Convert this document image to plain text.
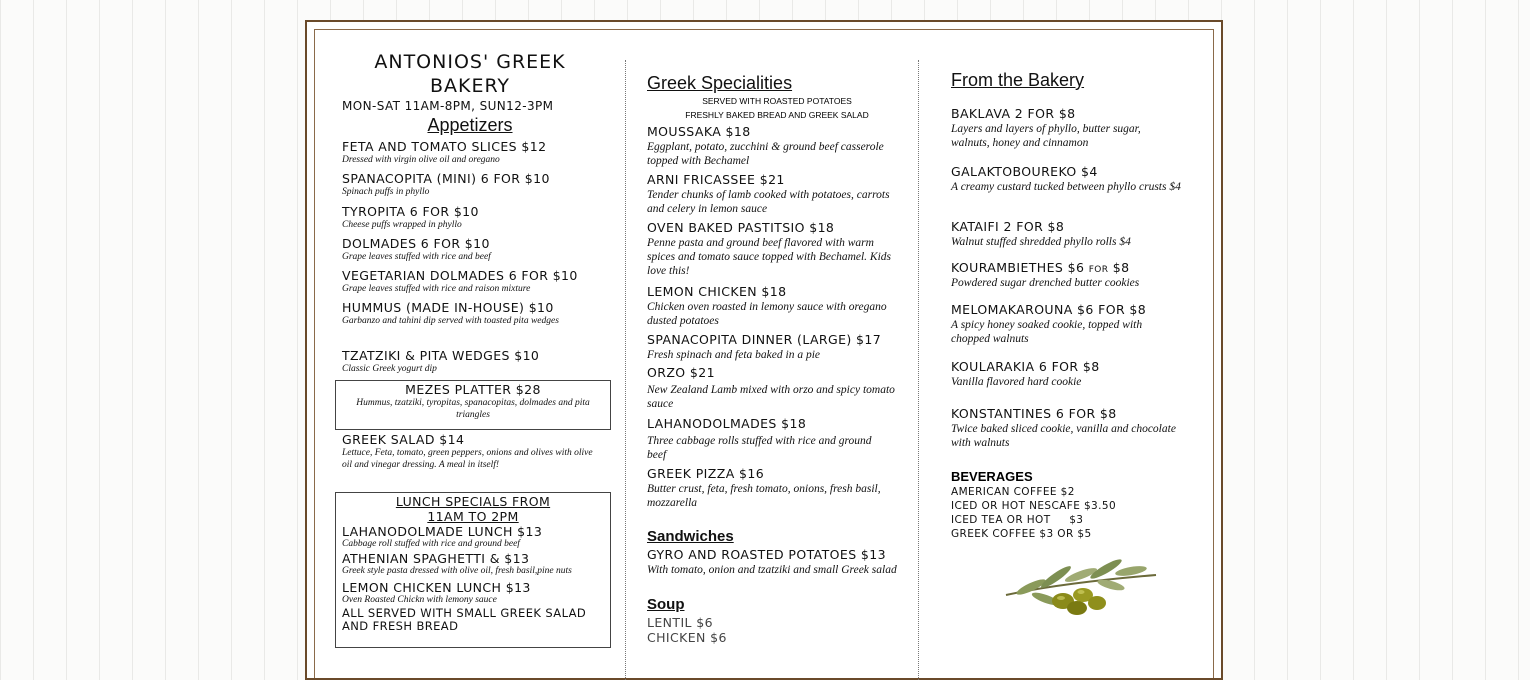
ANTONIOS' GREEK
BAKERY
MON-SAT 11AM-8PM, SUN12-3PM
Appetizers
FETA AND TOMATO SLICES $12
Dressed with virgin olive oil and oregano
SPANACOPITA (MINI) 6 FOR $10
Spinach puffs in phyllo
TYROPITA 6 FOR $10
Cheese puffs wrapped in phyllo
DOLMADES 6 FOR $10
Grape leaves stuffed with rice and beef
VEGETARIAN DOLMADES 6 FOR $10
Grape leaves stuffed with rice and raison mixture
HUMMUS (MADE IN-HOUSE) $10
Garbanzo and tahini dip served with toasted pita wedges
TZATZIKI & PITA WEDGES $10
Classic Greek yogurt dip
MEZES PLATTER $28
Hummus, tzatziki, tyropitas, spanacopitas, dolmades and pita triangles
GREEK SALAD $14
Lettuce, Feta, tomato, green peppers, onions and olives with olive oil and vinegar dressing. A meal in itself!
LUNCH SPECIALS FROM
11AM TO 2PM
LAHANODOLMADE LUNCH $13
Cabbage roll stuffed with rice and ground beef
ATHENIAN SPAGHETTI & $13
Greek style pasta dressed with olive oil, fresh basil,pine nuts
LEMON CHICKEN LUNCH $13
Oven Roasted Chickn with lemony sauce
ALL SERVED WITH SMALL GREEK SALAD AND FRESH BREAD
Greek Specialities
SERVED WITH ROASTED POTATOES
FRESHLY BAKED BREAD AND GREEK SALAD
MOUSSAKA $18
Eggplant, potato, zucchini & ground beef casserole topped with Bechamel
ARNI FRICASSEE $21
Tender chunks of lamb cooked with potatoes, carrots and celery in lemon sauce
OVEN BAKED PASTITSIO $18
Penne pasta and ground beef flavored with warm spices and tomato sauce topped with Bechamel. Kids love this!
LEMON CHICKEN $18
Chicken oven roasted in lemony sauce with oregano dusted potatoes
SPANACOPITA DINNER (LARGE) $17
Fresh spinach and feta baked in a pie
ORZO $21
New Zealand Lamb mixed with orzo and spicy tomato sauce
LAHANODOLMADES $18
Three cabbage rolls stuffed with rice and ground beef
GREEK PIZZA $16
Butter crust, feta, fresh tomato, onions, fresh basil, mozzarella
Sandwiches
GYRO AND ROASTED POTATOES $13
With tomato, onion and tzatziki and small Greek salad
Soup
LENTIL $6
CHICKEN $6
From the Bakery
BAKLAVA 2 FOR $8
Layers and layers of phyllo, butter sugar, walnuts, honey and cinnamon
GALAKTOBOUREKO $4
A creamy custard tucked between phyllo crusts $4
KATAIFI 2 FOR $8
Walnut stuffed shredded phyllo rolls $4
KOURAMBIETHES $6 for $8
Powdered sugar drenched butter cookies
MELOMAKAROUNA $6 FOR $8
A spicy honey soaked cookie, topped with chopped walnuts
KOULARAKIA 6 FOR $8
Vanilla flavored hard cookie
KONSTANTINES 6 FOR $8
Twice baked sliced cookie, vanilla and chocolate with walnuts
BEVERAGES
AMERICAN COFFEE $2
ICED OR HOT NESCAFE $3.50
ICED TEA OR HOT     $3
GREEK COFFEE $3 OR $5
